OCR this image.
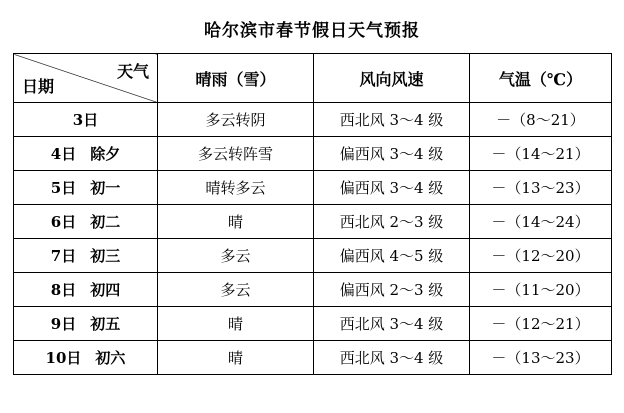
哈尔滨市春节假日天气预报
天气
日期	晴雨（雪）	风向风速	气温（℃）
3日	多云转阴	西北风 3～4 级	－（8～21）
4日 除夕	多云转阵雪	偏西风 3～4 级	－（14～21）
5日 初一	晴转多云	偏西风 3～4 级	－（13～23）
6日 初二	晴	西北风 2～3 级	－（14～24）
7日 初三	多云	偏西风 4～5 级	－（12～20）
8日 初四	多云	偏西风 2～3 级	－（11～20）
9日 初五	晴	西北风 3～4 级	－（12～21）
10日 初六	晴	西北风 3～4 级	－（13～23）
